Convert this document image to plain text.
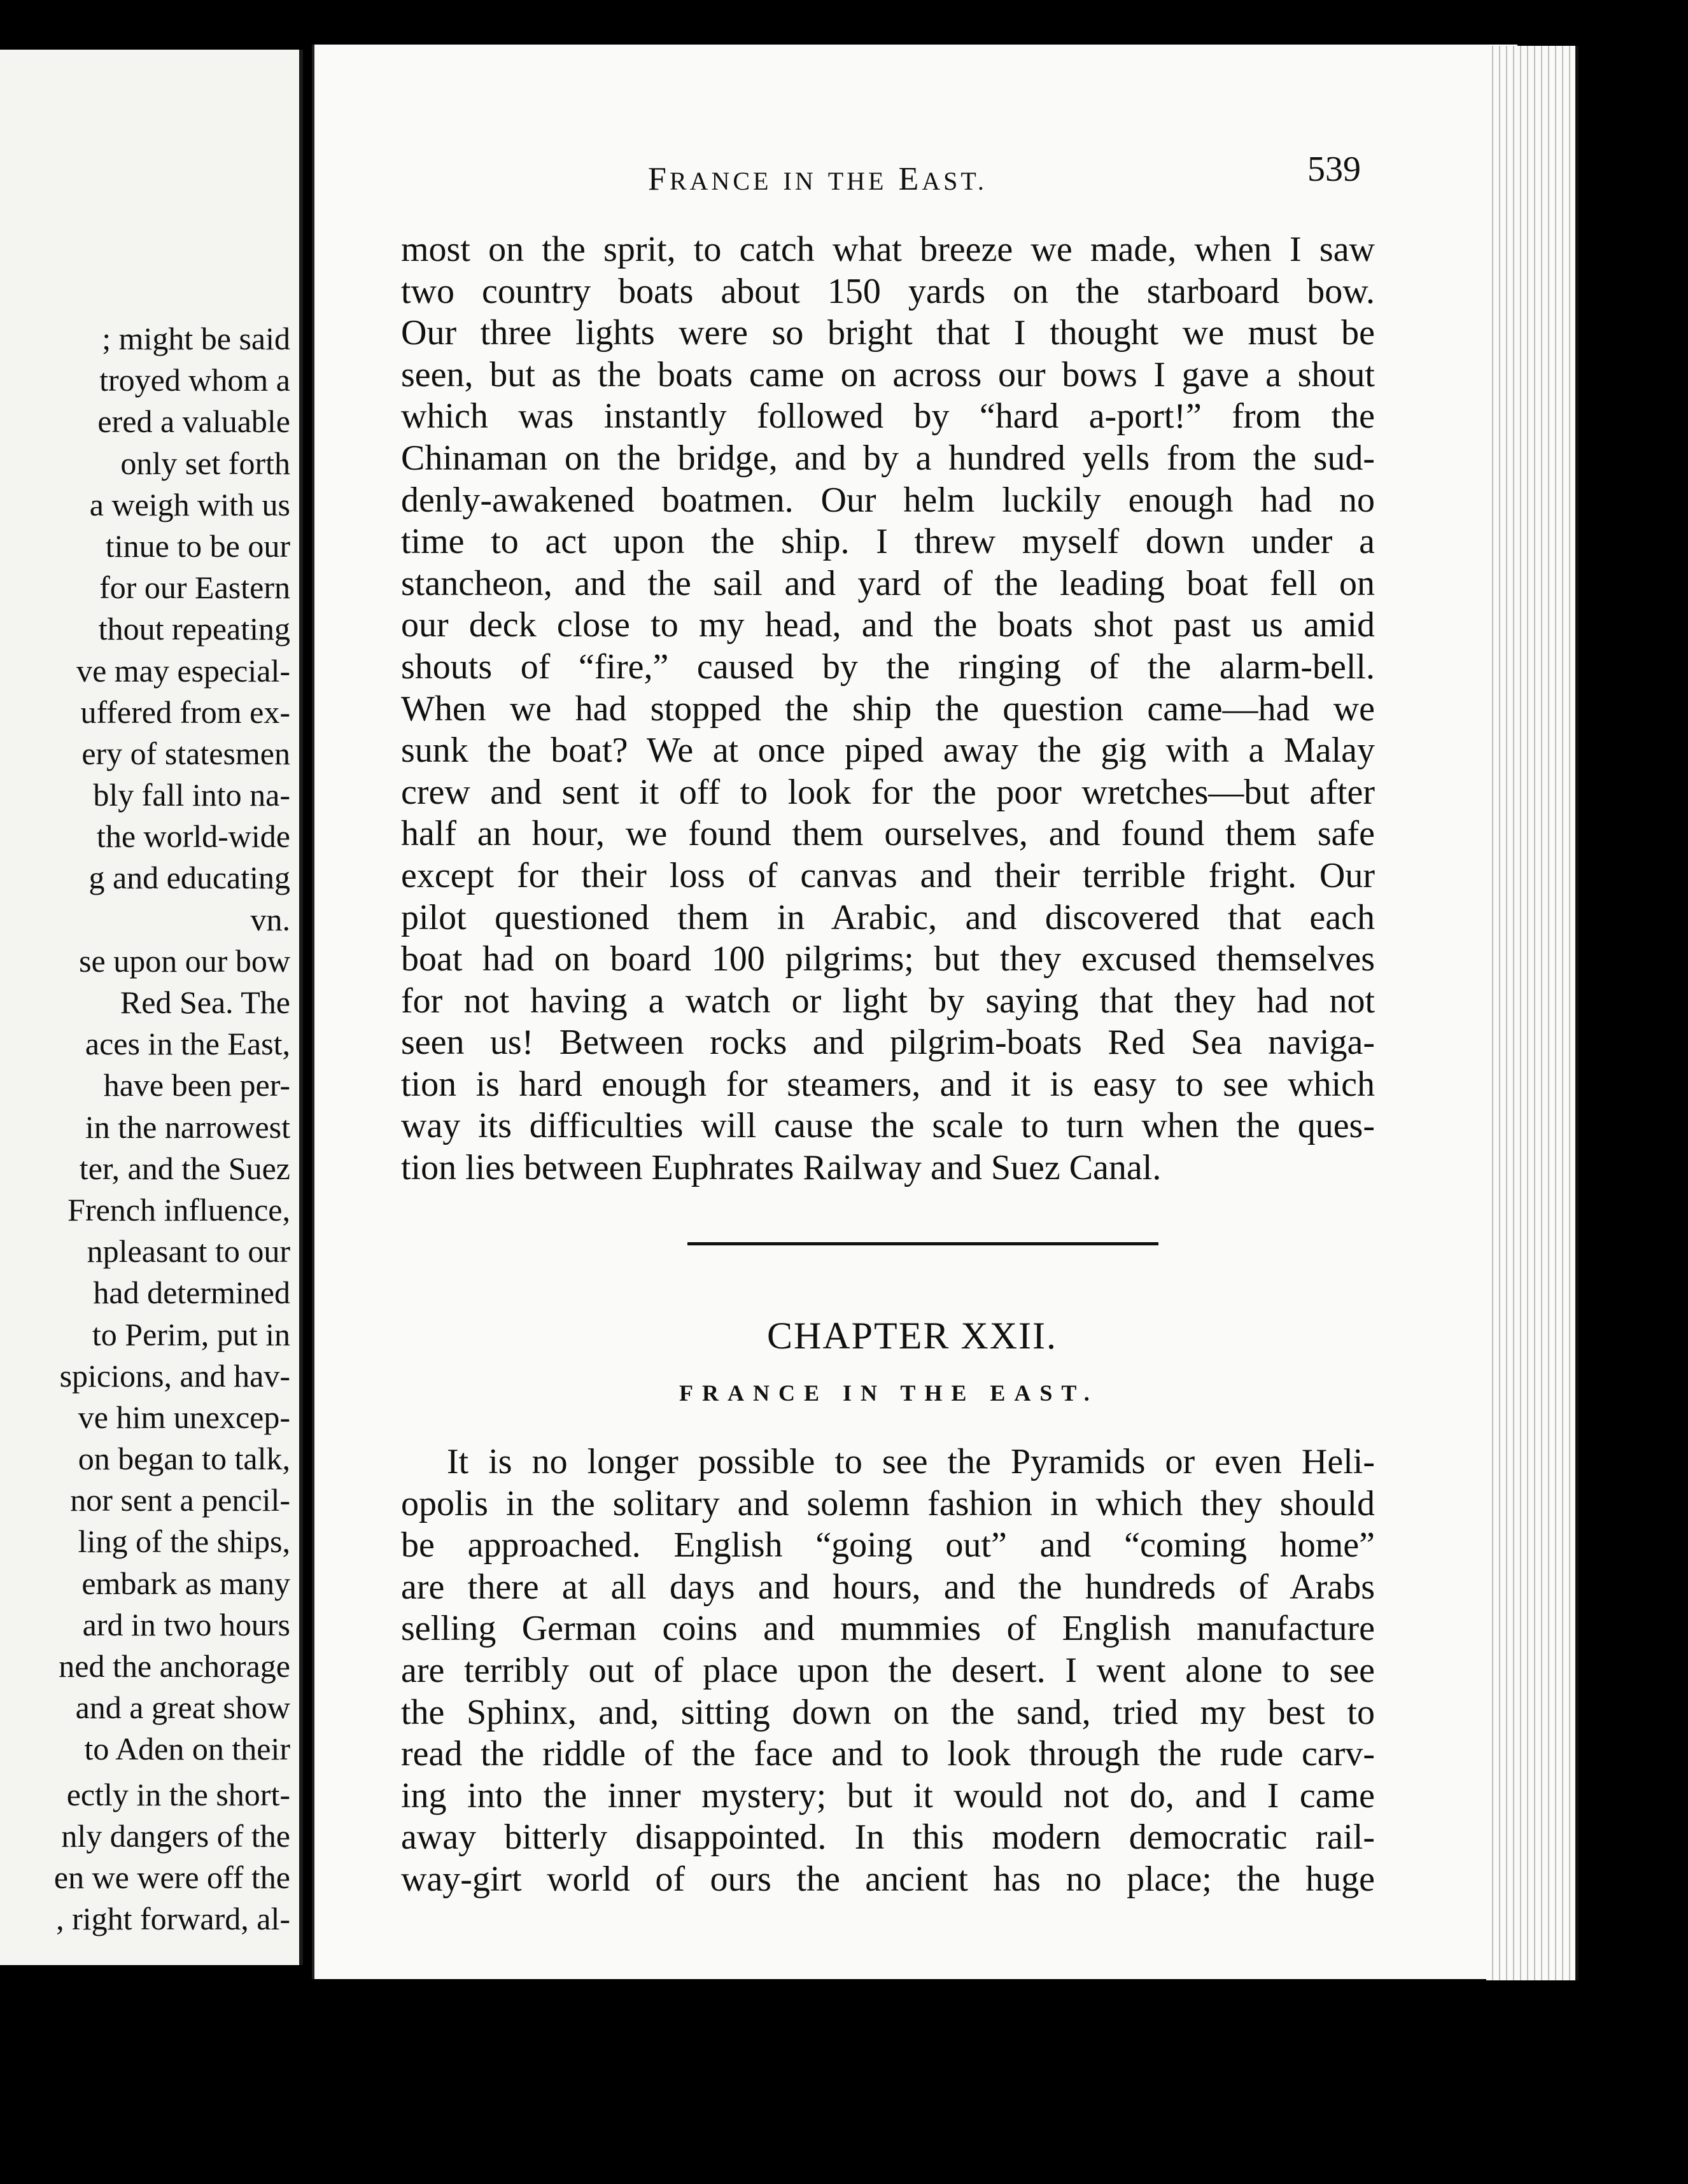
; might be said
troyed whom a
ered a valuable
only set forth
a weigh with us
tinue to be our
for our Eastern
thout repeating
ve may especial-
uffered from ex-
ery of statesmen
bly fall into na-
the world-wide
g and educating
vn.
se upon our bow
Red Sea. The
aces in the East,
have been per-
in the narrowest
ter, and the Suez
French influence,
npleasant to our
had determined
to Perim, put in
spicions, and hav-
ve him unexcep-
on began to talk,
nor sent a pencil-
ling of the ships,
embark as many
ard in two hours
ned the anchorage
and a great show
to Aden on their
ectly in the short-
nly dangers of the
en we were off the
, right forward, al-
FRANCE IN THE EAST.	539
most on the sprit, to catch what breeze we made, when I saw
two country boats about 150 yards on the starboard bow.
Our three lights were so bright that I thought we must be
seen, but as the boats came on across our bows I gave a shout
which was instantly followed by “hard a-port!” from the
Chinaman on the bridge, and by a hundred yells from the sud-
denly-awakened boatmen. Our helm luckily enough had no
time to act upon the ship. I threw myself down under a
stancheon, and the sail and yard of the leading boat fell on
our deck close to my head, and the boats shot past us amid
shouts of “fire,” caused by the ringing of the alarm-bell.
When we had stopped the ship the question came—had we
sunk the boat? We at once piped away the gig with a Malay
crew and sent it off to look for the poor wretches—but after
half an hour, we found them ourselves, and found them safe
except for their loss of canvas and their terrible fright. Our
pilot questioned them in Arabic, and discovered that each
boat had on board 100 pilgrims; but they excused themselves
for not having a watch or light by saying that they had not
seen us! Between rocks and pilgrim-boats Red Sea naviga-
tion is hard enough for steamers, and it is easy to see which
way its difficulties will cause the scale to turn when the ques-
tion lies between Euphrates Railway and Suez Canal.
CHAPTER XXII.
FRANCE IN THE EAST.
It is no longer possible to see the Pyramids or even Heli-
opolis in the solitary and solemn fashion in which they should
be approached. English “going out” and “coming home”
are there at all days and hours, and the hundreds of Arabs
selling German coins and mummies of English manufacture
are terribly out of place upon the desert. I went alone to see
the Sphinx, and, sitting down on the sand, tried my best to
read the riddle of the face and to look through the rude carv-
ing into the inner mystery; but it would not do, and I came
away bitterly disappointed. In this modern democratic rail-
way-girt world of ours the ancient has no place; the huge
